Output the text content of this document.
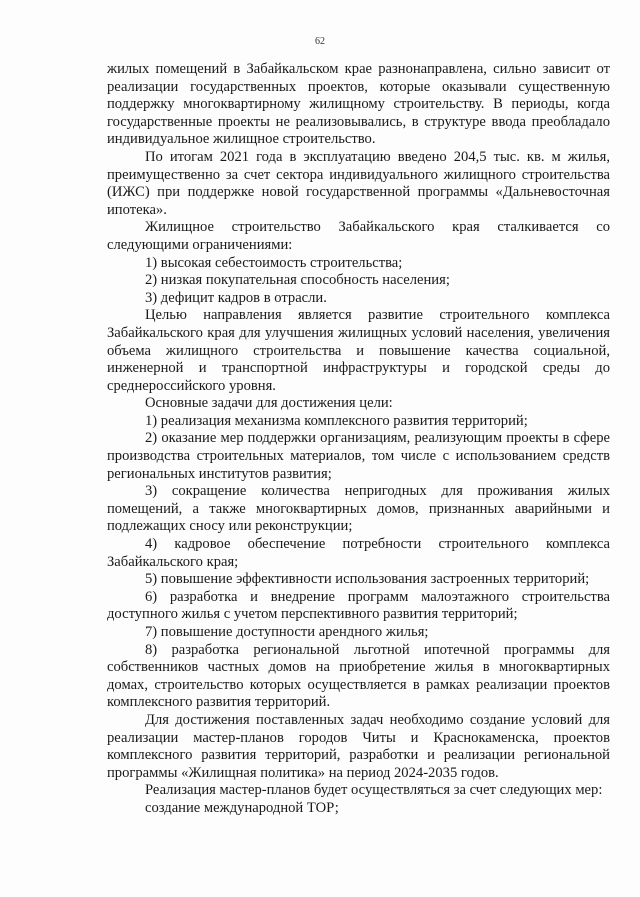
62

жилых помещений в Забайкальском крае разнонаправлена, сильно зависит от реализации государственных проектов, которые оказывали существенную поддержку многоквартирному жилищному строительству. В периоды, когда государственные проекты не реализовывались, в структуре ввода преобладало индивидуальное жилищное строительство.

По итогам 2021 года в эксплуатацию введено 204,5 тыс. кв. м жилья, преимущественно за счет сектора индивидуального жилищного строительства (ИЖС) при поддержке новой государственной программы «Дальневосточная ипотека».

Жилищное строительство Забайкальского края сталкивается со следующими ограничениями:

1) высокая себестоимость строительства;

2) низкая покупательная способность населения;

3) дефицит кадров в отрасли.

Целью направления является развитие строительного комплекса Забайкальского края для улучшения жилищных условий населения, увеличения объема жилищного строительства и повышение качества социальной, инженерной и транспортной инфраструктуры и городской среды до среднероссийского уровня.

Основные задачи для достижения цели:

1) реализация механизма комплексного развития территорий;

2) оказание мер поддержки организациям, реализующим проекты в сфере производства строительных материалов, том числе с использованием средств региональных институтов развития;

3) сокращение количества непригодных для проживания жилых помещений, а также многоквартирных домов, признанных аварийными и подлежащих сносу или реконструкции;

4) кадровое обеспечение потребности строительного комплекса Забайкальского края;

5) повышение эффективности использования застроенных территорий;

6) разработка и внедрение программ малоэтажного строительства доступного жилья с учетом перспективного развития территорий;

7) повышение доступности арендного жилья;

8) разработка региональной льготной ипотечной программы для собственников частных домов на приобретение жилья в многоквартирных домах, строительство которых осуществляется в рамках реализации проектов комплексного развития территорий.

Для достижения поставленных задач необходимо создание условий для реализации мастер-планов городов Читы и Краснокаменска, проектов комплексного развития территорий, разработки и реализации региональной программы «Жилищная политика» на период 2024-2035 годов.

Реализация мастер-планов будет осуществляться за счет следующих мер:

создание международной ТОР;
